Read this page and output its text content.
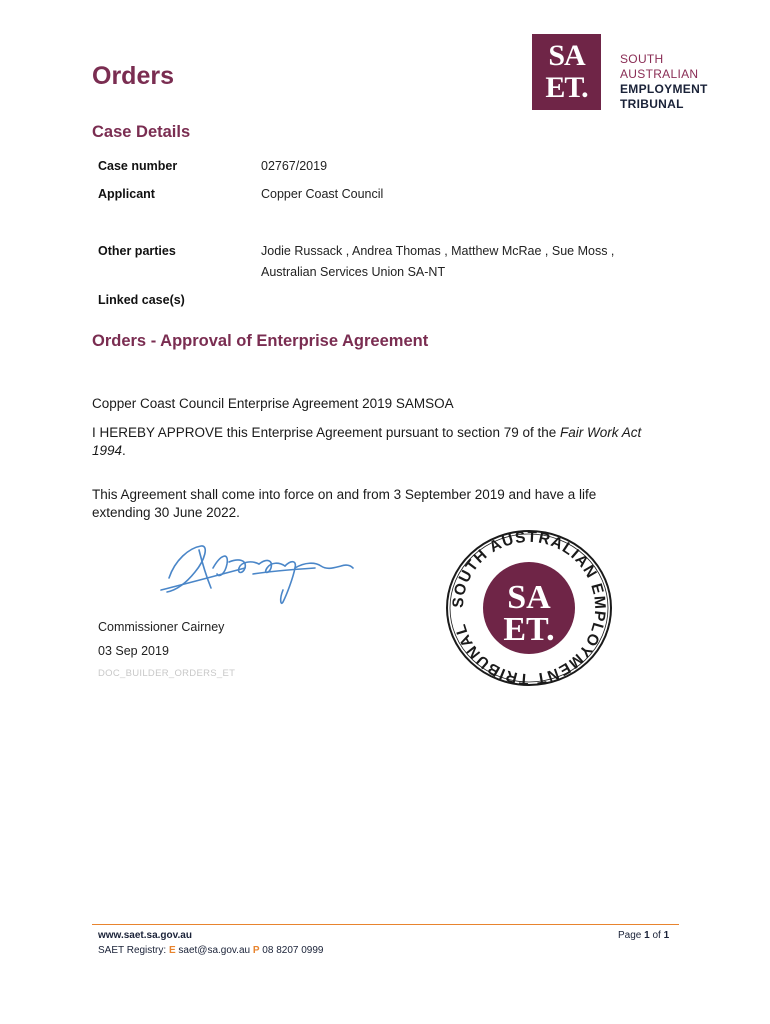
Orders
SA
ET.
SOUTH
AUSTRALIAN
EMPLOYMENT
TRIBUNAL
Case Details
Case number	02767/2019
Applicant	Copper Coast Council
Other parties	Jodie Russack , Andrea Thomas , Matthew McRae , Sue Moss ,
Australian Services Union SA-NT
Linked case(s)
Orders - Approval of Enterprise Agreement
Copper Coast Council Enterprise Agreement 2019 SAMSOA
I HEREBY APPROVE this Enterprise Agreement pursuant to section 79 of the Fair Work Act
1994.
This Agreement shall come into force on and from 3 September 2019 and have a life
extending 30 June 2022.
Commissioner Cairney
03 Sep 2019
DOC_BUILDER_ORDERS_ET
SOUTH AUSTRALIAN EMPLOYMENT TRIBUNAL
SA
ET.
www.saet.sa.gov.au
SAET Registry: E saet@sa.gov.au P 08 8207 0999
Page 1 of 1
